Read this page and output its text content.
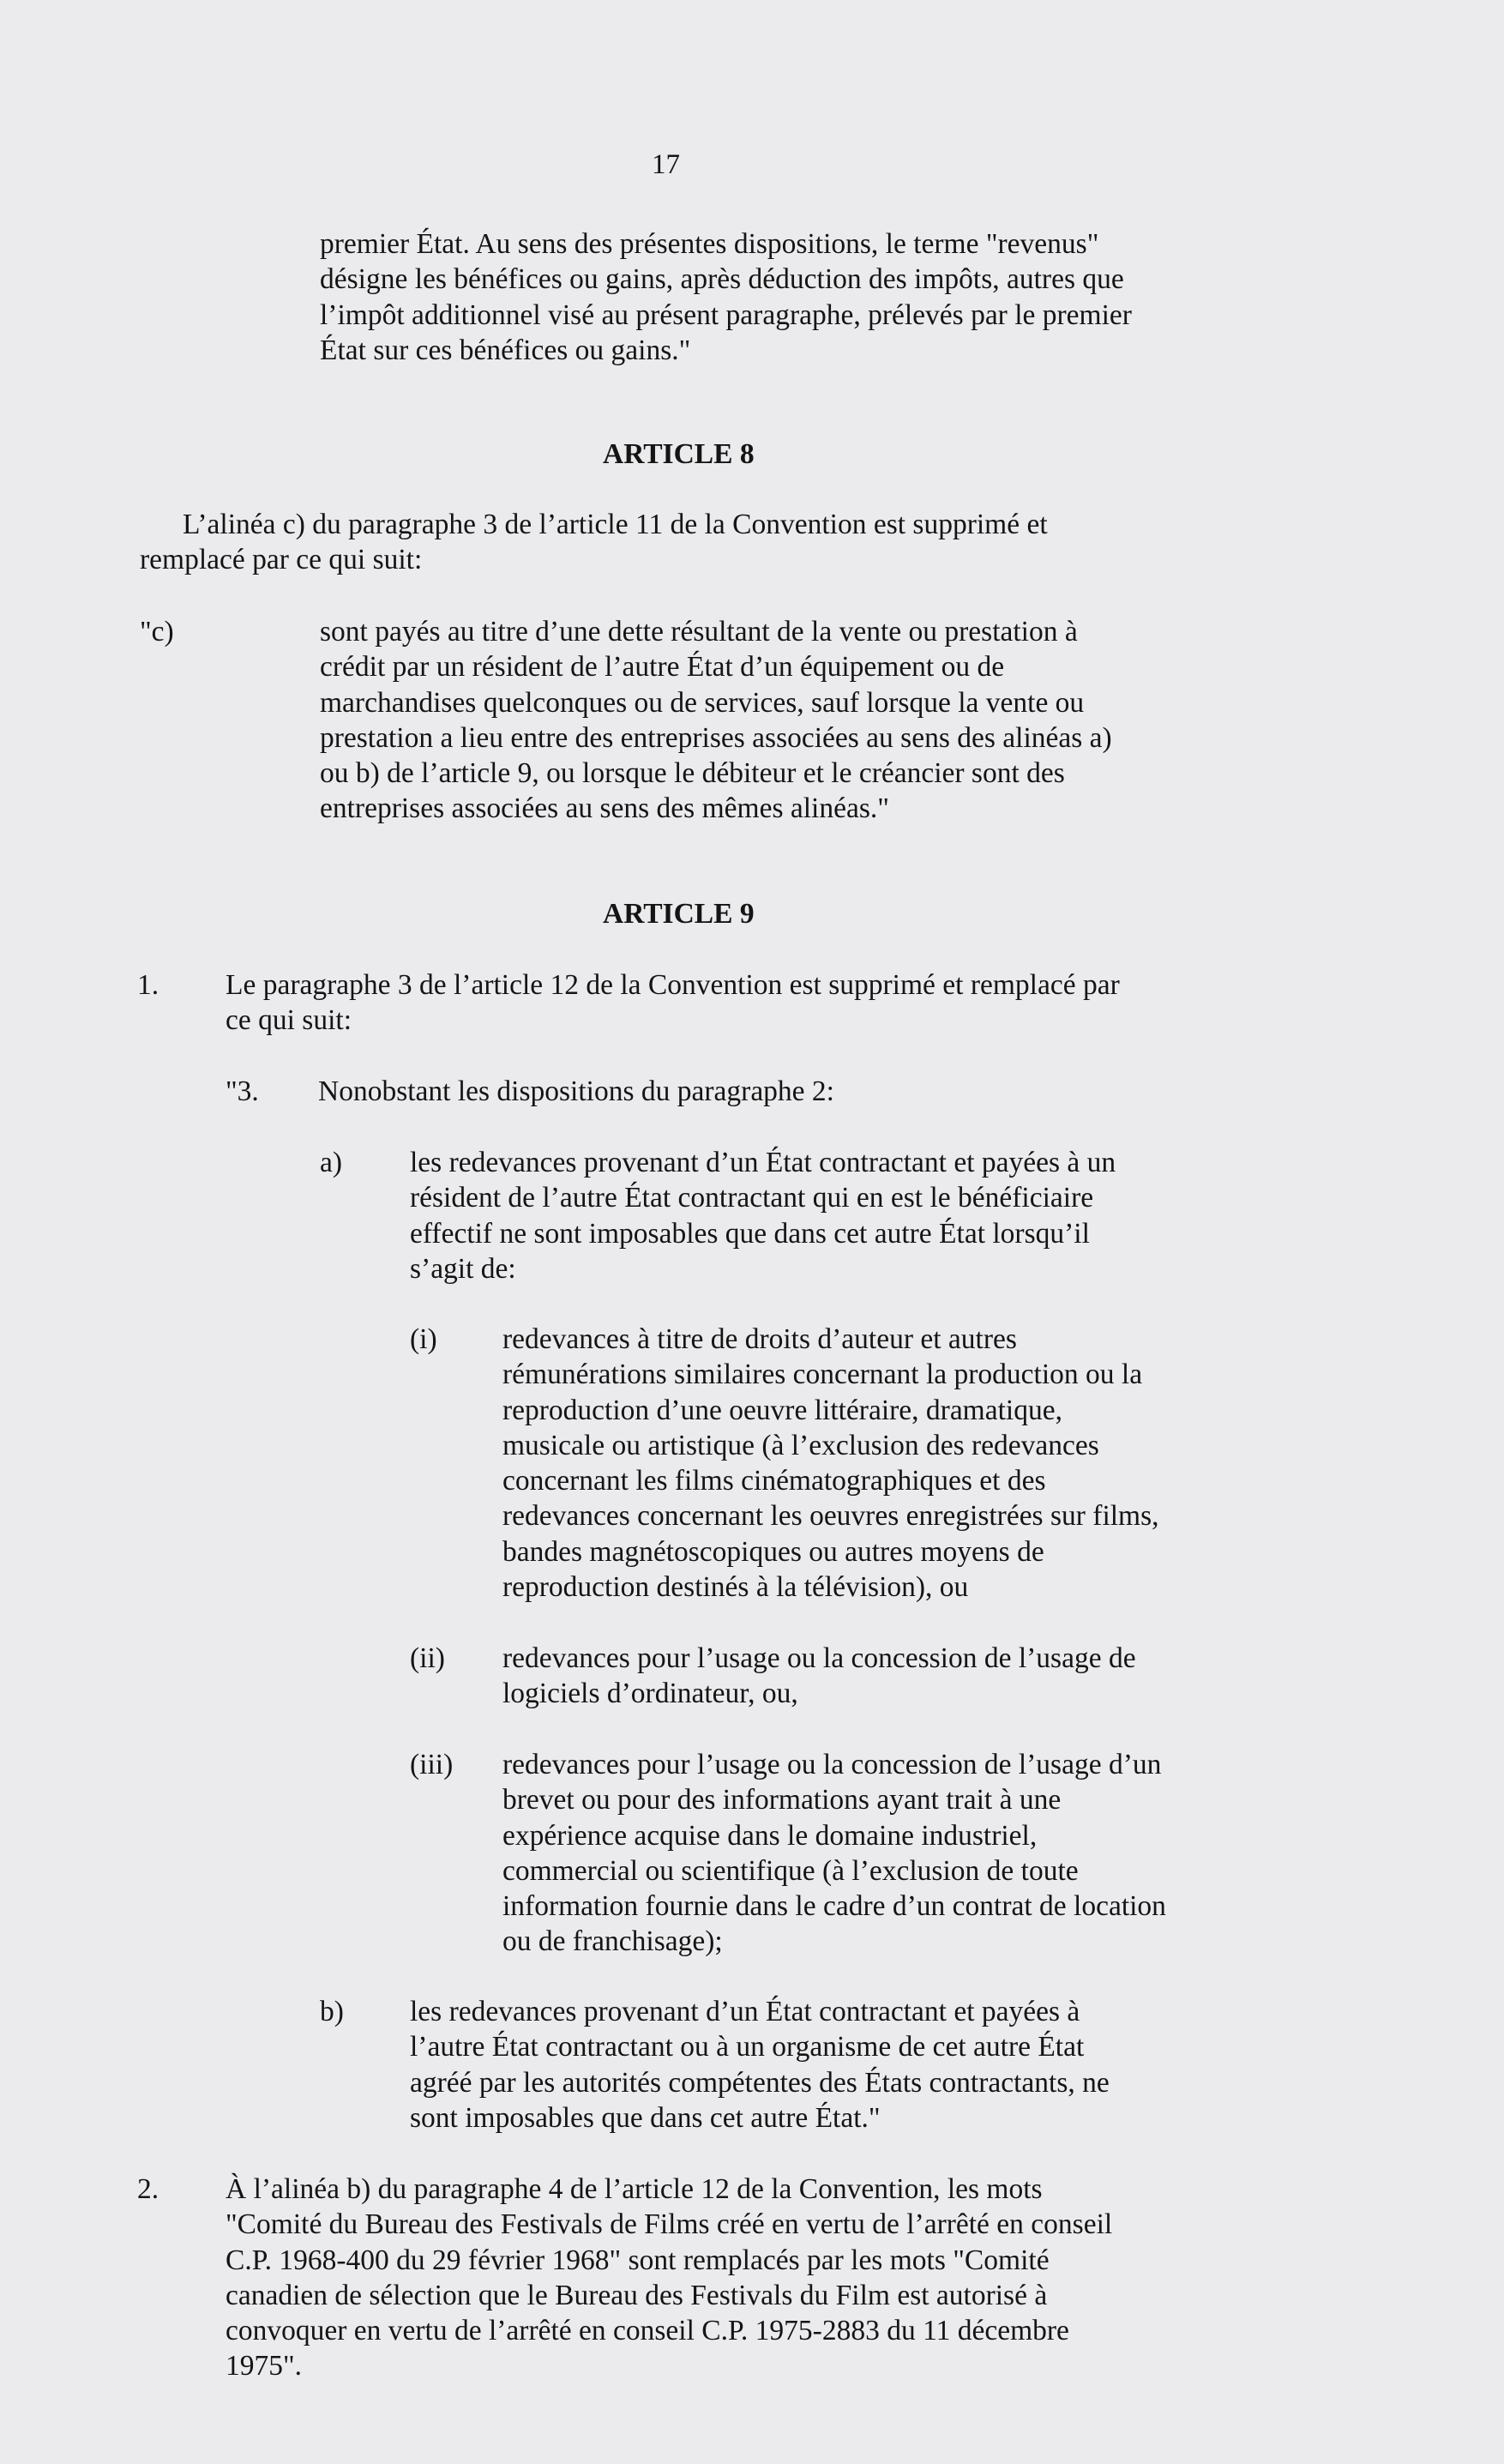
17
premier État. Au sens des présentes dispositions, le terme "revenus"
désigne les bénéfices ou gains, après déduction des impôts, autres que
l’impôt additionnel visé au présent paragraphe, prélevés par le premier
État sur ces bénéfices ou gains."
ARTICLE 8
L’alinéa c) du paragraphe 3 de l’article 11 de la Convention est supprimé et
remplacé par ce qui suit:
"c)	sont payés au titre d’une dette résultant de la vente ou prestation à
crédit par un résident de l’autre État d’un équipement ou de
marchandises quelconques ou de services, sauf lorsque la vente ou
prestation a lieu entre des entreprises associées au sens des alinéas a)
ou b) de l’article 9, ou lorsque le débiteur et le créancier sont des
entreprises associées au sens des mêmes alinéas."
ARTICLE 9
1. Le paragraphe 3 de l’article 12 de la Convention est supprimé et remplacé par
ce qui suit:
"3. Nonobstant les dispositions du paragraphe 2:
a) les redevances provenant d’un État contractant et payées à un
résident de l’autre État contractant qui en est le bénéficiaire
effectif ne sont imposables que dans cet autre État lorsqu’il
s’agit de:
(i) redevances à titre de droits d’auteur et autres
rémunérations similaires concernant la production ou la
reproduction d’une oeuvre littéraire, dramatique,
musicale ou artistique (à l’exclusion des redevances
concernant les films cinématographiques et des
redevances concernant les oeuvres enregistrées sur films,
bandes magnétoscopiques ou autres moyens de
reproduction destinés à la télévision), ou
(ii) redevances pour l’usage ou la concession de l’usage de
logiciels d’ordinateur, ou,
(iii) redevances pour l’usage ou la concession de l’usage d’un
brevet ou pour des informations ayant trait à une
expérience acquise dans le domaine industriel,
commercial ou scientifique (à l’exclusion de toute
information fournie dans le cadre d’un contrat de location
ou de franchisage);
b) les redevances provenant d’un État contractant et payées à
l’autre État contractant ou à un organisme de cet autre État
agréé par les autorités compétentes des États contractants, ne
sont imposables que dans cet autre État."
2. À l’alinéa b) du paragraphe 4 de l’article 12 de la Convention, les mots
"Comité du Bureau des Festivals de Films créé en vertu de l’arrêté en conseil
C.P. 1968-400 du 29 février 1968" sont remplacés par les mots "Comité
canadien de sélection que le Bureau des Festivals du Film est autorisé à
convoquer en vertu de l’arrêté en conseil C.P. 1975-2883 du 11 décembre
1975".
